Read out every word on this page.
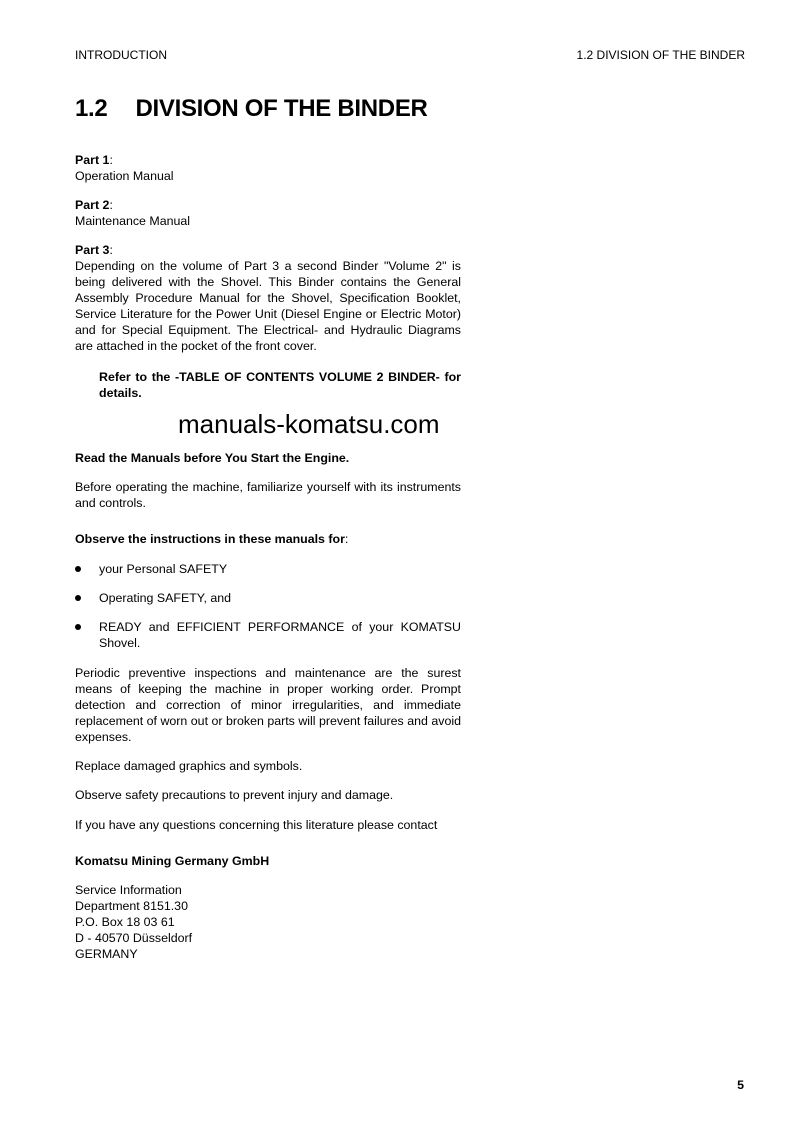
INTRODUCTION	1.2 DIVISION OF THE BINDER
1.2 DIVISION OF THE BINDER

Part 1:

Operation Manual

Part 2:

Maintenance Manual

Part 3:

Depending on the volume of Part 3 a second Binder "Volume 2" is being delivered with the Shovel. This Binder contains the General Assembly Procedure Manual for the Shovel, Specification Booklet, Service Literature for the Power Unit (Diesel Engine or Electric Motor) and for Special Equipment. The Electrical- and Hydraulic Diagrams are attached in the pocket of the front cover.

Refer to the -TABLE OF CONTENTS VOLUME 2 BINDER- for details.
manuals-komatsu.com
Read the Manuals before You Start the Engine.
Before operating the machine, familiarize yourself with its instruments and controls.
Observe the instructions in these manuals for:
your Personal SAFETY
Operating SAFETY, and
READY and EFFICIENT PERFORMANCE of your KOMATSU Shovel.
Periodic preventive inspections and maintenance are the surest means of keeping the machine in proper working order. Prompt detection and correction of minor irregularities, and immediate replacement of worn out or broken parts will prevent failures and avoid expenses.
Replace damaged graphics and symbols.
Observe safety precautions to prevent injury and damage.
If you have any questions concerning this literature please contact
Komatsu Mining Germany GmbH

Service Information

Department 8151.30

P.O. Box 18 03 61

D - 40570 Düsseldorf

GERMANY

5
